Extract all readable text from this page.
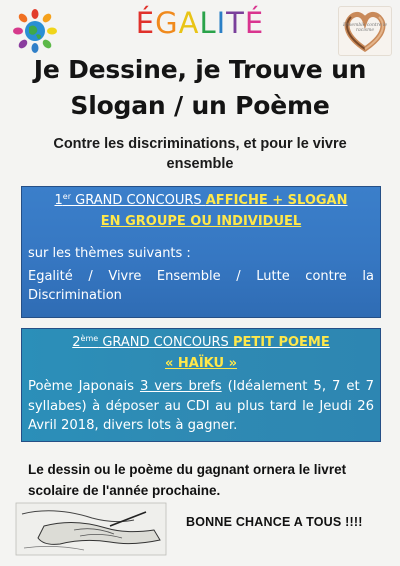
ÉGALITÉ	Ensemble contre le racisme
Je Dessine, je Trouve un
Slogan / un Poème
Contre les discriminations, et pour le vivre
ensemble
1er GRAND CONCOURS AFFICHE + SLOGAN
EN GROUPE OU INDIVIDUEL
sur les thèmes suivants :
Egalité / Vivre Ensemble / Lutte contre la
Discrimination
2ème GRAND CONCOURS PETIT POEME
« HAÏKU »
Poème Japonais 3 vers brefs (Idéalement 5, 7 et 7 syllabes) à déposer au CDI au plus tard le Jeudi 26 Avril 2018, divers lots à gagner.
Le dessin ou le poème du gagnant ornera le livret
scolaire de l'année prochaine.
BONNE CHANCE A TOUS !!!!
